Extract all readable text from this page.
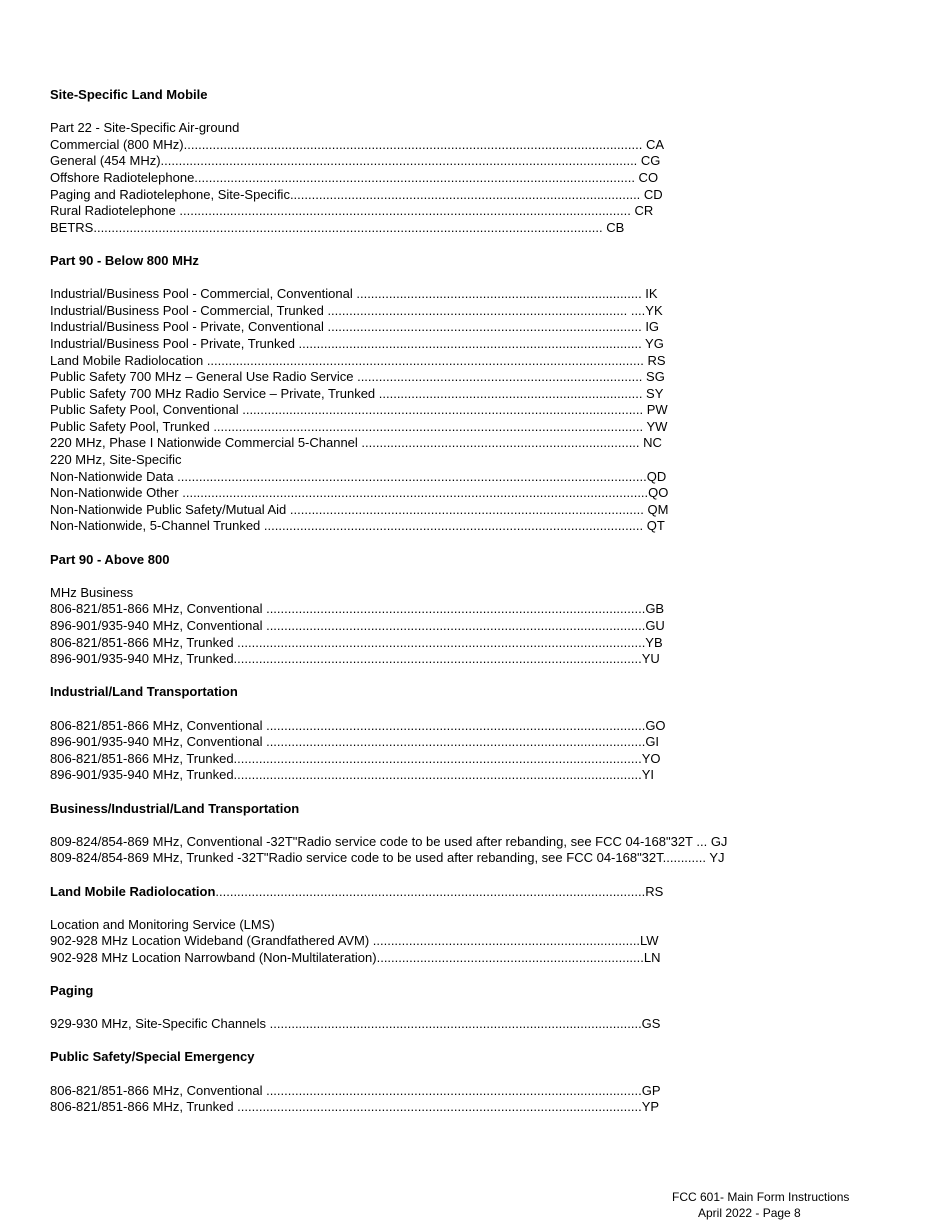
Site-Specific Land Mobile
Part 22 - Site-Specific Air-ground
Commercial (800 MHz)............................................................................................................................... CA
General (454 MHz).................................................................................................................................... CG
Offshore Radiotelephone.......................................................................................................................... CO
Paging and Radiotelephone, Site-Specific................................................................................................. CD
Rural Radiotelephone ............................................................................................................................. CR
BETRS............................................................................................................................................. CB
Part 90 - Below 800 MHz
Industrial/Business Pool - Commercial, Conventional ............................................................................... IK
Industrial/Business Pool - Commercial, Trunked ................................................................................... ....YK
Industrial/Business Pool - Private, Conventional ....................................................................................... IG
Industrial/Business Pool - Private, Trunked ............................................................................................... YG
Land Mobile Radiolocation ......................................................................................................................... RS
Public Safety 700 MHz – General Use Radio Service ............................................................................... SG
Public Safety 700 MHz Radio Service – Private, Trunked ......................................................................... SY
Public Safety Pool, Conventional ............................................................................................................... PW
Public Safety Pool, Trunked ....................................................................................................................... YW
220 MHz, Phase I Nationwide Commercial 5-Channel ............................................................................. NC
220 MHz, Site-Specific
Non-Nationwide Data ..................................................................................................................................QD
Non-Nationwide Other .................................................................................................................................QO
Non-Nationwide Public Safety/Mutual Aid .................................................................................................. QM
Non-Nationwide, 5-Channel Trunked ......................................................................................................... QT
Part 90 - Above 800
MHz Business
806-821/851-866 MHz, Conventional .........................................................................................................GB
896-901/935-940 MHz, Conventional .........................................................................................................GU
806-821/851-866 MHz, Trunked .................................................................................................................YB
896-901/935-940 MHz, Trunked.................................................................................................................YU
Industrial/Land Transportation
806-821/851-866 MHz, Conventional .........................................................................................................GO
896-901/935-940 MHz, Conventional .........................................................................................................GI
806-821/851-866 MHz, Trunked.................................................................................................................YO
896-901/935-940 MHz, Trunked.................................................................................................................YI
Business/Industrial/Land Transportation
809-824/854-869 MHz, Conventional -32T"Radio service code to be used after rebanding, see FCC 04-168"32T ... GJ
809-824/854-869 MHz, Trunked -32T"Radio service code to be used after rebanding, see FCC 04-168"32T............ YJ
Land Mobile Radiolocation.......................................................................................................................RS
Location and Monitoring Service (LMS)
902-928 MHz Location Wideband (Grandfathered AVM) ..........................................................................LW
902-928 MHz Location Narrowband (Non-Multilateration)..........................................................................LN
Paging
929-930 MHz, Site-Specific Channels .......................................................................................................GS
Public Safety/Special Emergency
806-821/851-866 MHz, Conventional ........................................................................................................GP
806-821/851-866 MHz, Trunked ................................................................................................................YP
FCC 601- Main Form Instructions
April 2022 - Page 8
